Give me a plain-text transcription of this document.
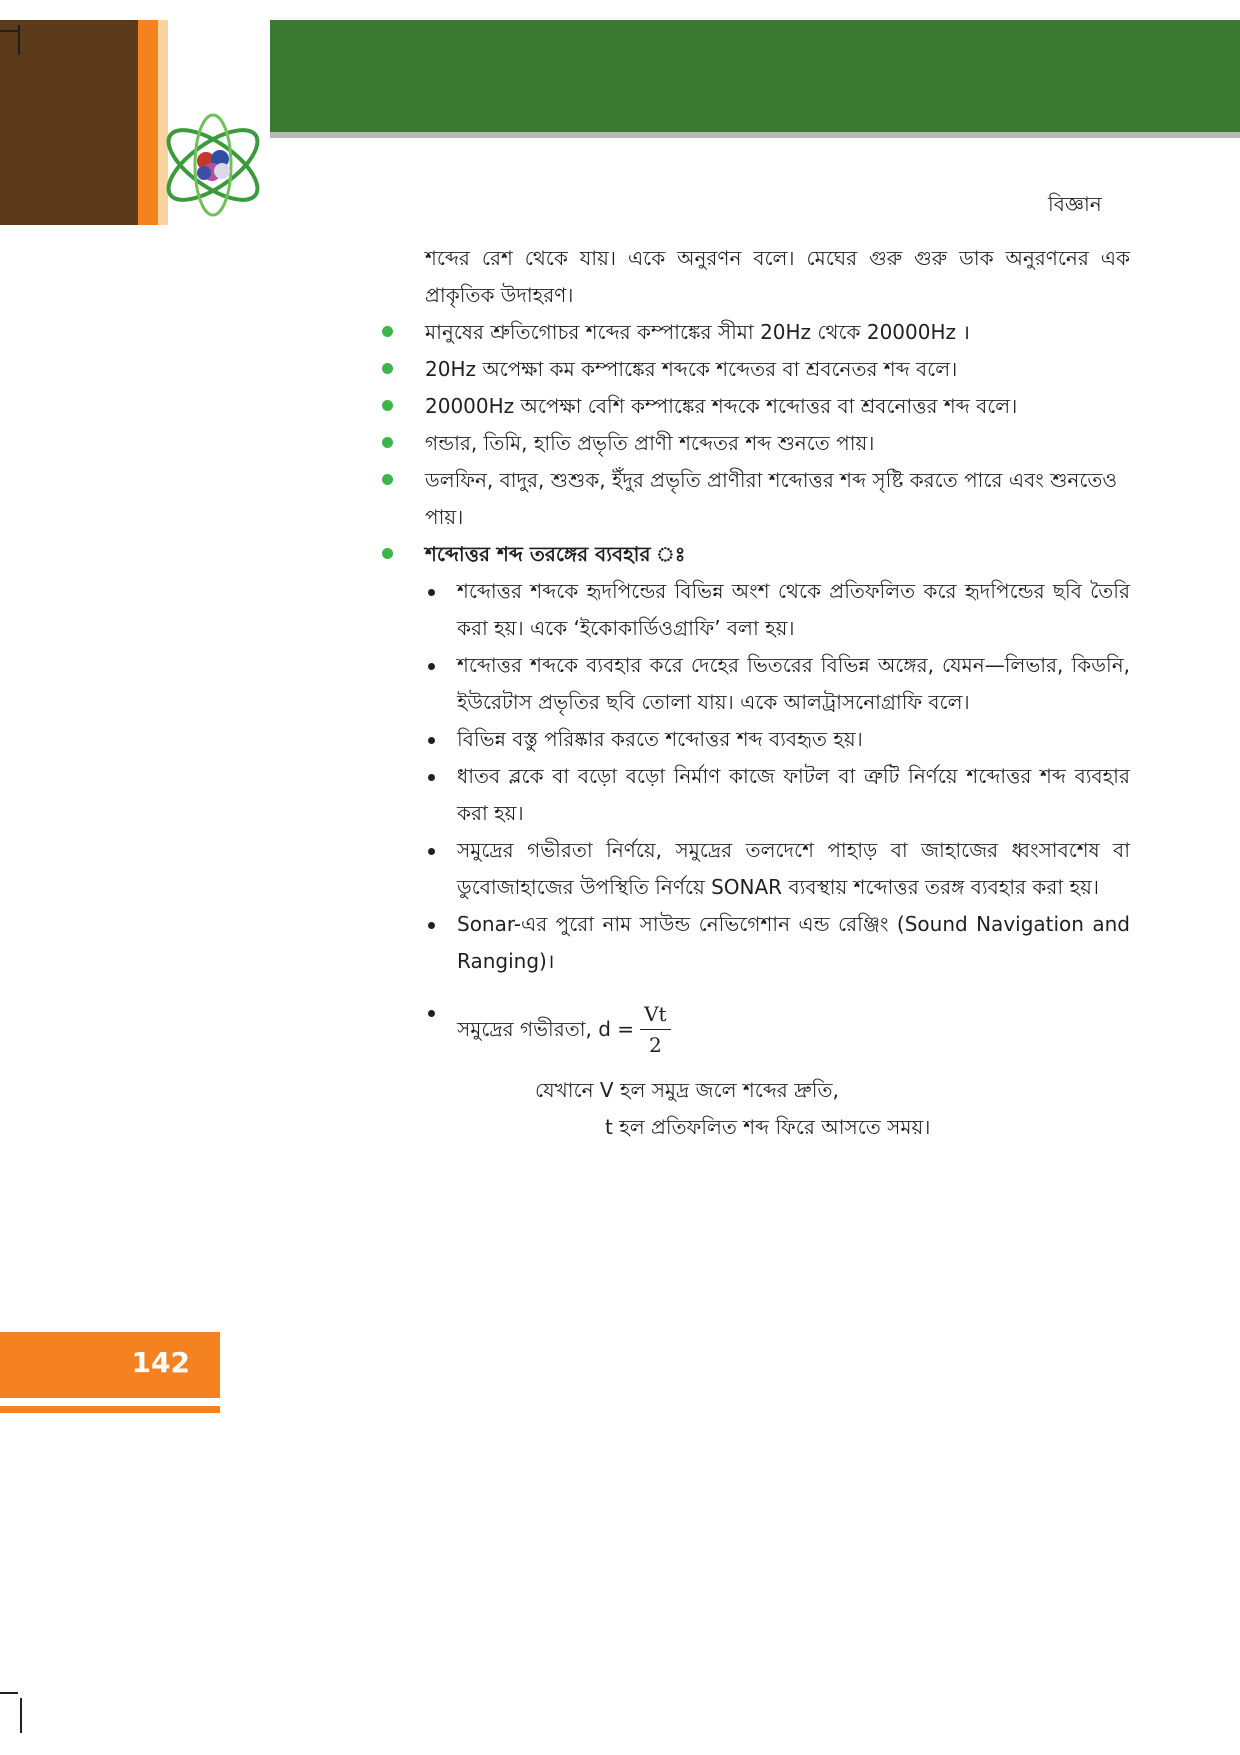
বিজ্ঞান

শব্দের রেশ থেকে যায়। একে অনুরণন বলে। মেঘের গুরু গুরু ডাক অনুরণনের এক প্রাকৃতিক উদাহরণ।

মানুষের শ্রুতিগোচর শব্দের কম্পাঙ্কের সীমা 20Hz থেকে 20000Hz ।
20Hz অপেক্ষা কম কম্পাঙ্কের শব্দকে শব্দেতর বা শ্রবনেতর শব্দ বলে।
20000Hz অপেক্ষা বেশি কম্পাঙ্কের শব্দকে শব্দোত্তর বা শ্রবনোত্তর শব্দ বলে।
গন্ডার, তিমি, হাতি প্রভৃতি প্রাণী শব্দেতর শব্দ শুনতে পায়।
ডলফিন, বাদুর, শুশুক, ইঁদুর প্রভৃতি প্রাণীরা শব্দোত্তর শব্দ সৃষ্টি করতে পারে এবং শুনতেও পায়।
শব্দোত্তর শব্দ তরঙ্গের ব্যবহার ঃ
শব্দোত্তর শব্দকে হৃদপিন্ডের বিভিন্ন অংশ থেকে প্রতিফলিত করে হৃদপিন্ডের ছবি তৈরি করা হয়। একে ‘ইকোকার্ডিওগ্রাফি’ বলা হয়।
শব্দোত্তর শব্দকে ব্যবহার করে দেহের ভিতরের বিভিন্ন অঙ্গের, যেমন—লিভার, কিডনি, ইউরেটাস প্রভৃতির ছবি তোলা যায়। একে আলট্রাসনোগ্রাফি বলে।
বিভিন্ন বস্তু পরিষ্কার করতে শব্দোত্তর শব্দ ব্যবহৃত হয়।
ধাতব ব্লকে বা বড়ো বড়ো নির্মাণ কাজে ফাটল বা ত্রুটি নির্ণয়ে শব্দোত্তর শব্দ ব্যবহার করা হয়।
সমুদ্রের গভীরতা নির্ণয়ে, সমুদ্রের তলদেশে পাহাড় বা জাহাজের ধ্বংসাবশেষ বা ডুবোজাহাজের উপস্থিতি নির্ণয়ে SONAR ব্যবস্থায় শব্দোত্তর তরঙ্গ ব্যবহার করা হয়।
Sonar-এর পুরো নাম সাউন্ড নেভিগেশান এন্ড রেঞ্জিং (Sound Navigation and Ranging)।
সমুদ্রের গভীরতা, $d = \frac{Vt}{2}$
যেখানে V হল সমুদ্র জলে শব্দের দ্রুতি,
t হল প্রতিফলিত শব্দ ফিরে আসতে সময়।
142
